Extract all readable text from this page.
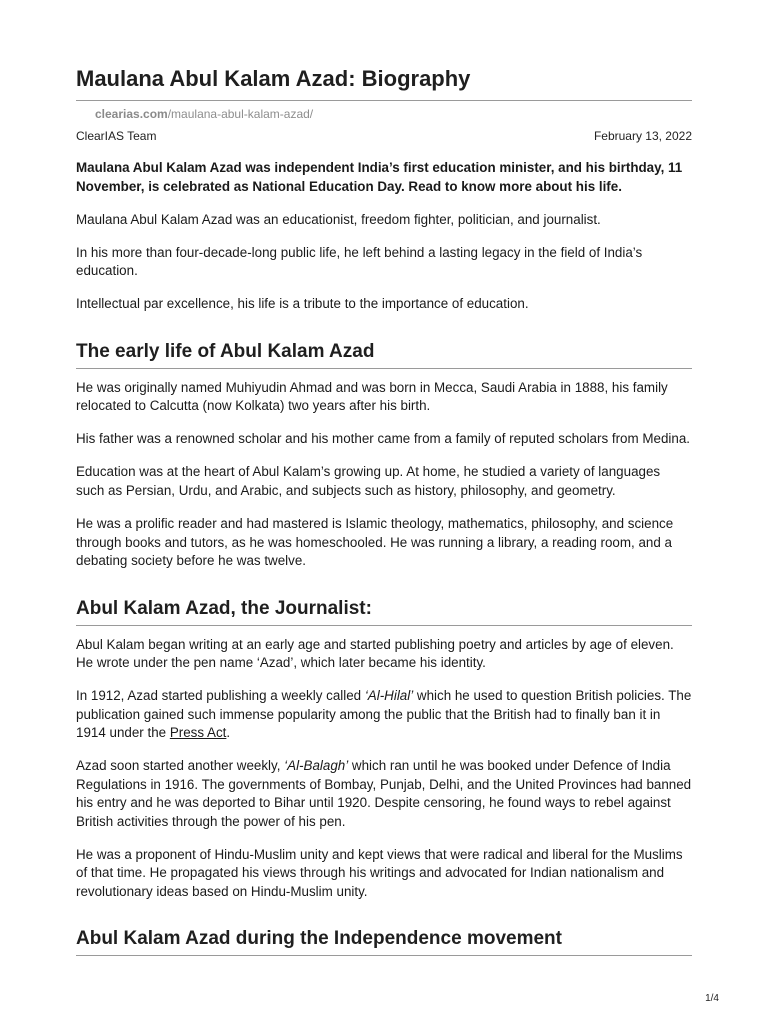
Maulana Abul Kalam Azad: Biography
clearias.com/maulana-abul-kalam-azad/
ClearIAS Team	February 13, 2022

Maulana Abul Kalam Azad was independent India’s first education minister, and his birthday, 11 November, is celebrated as National Education Day. Read to know more about his life.

Maulana Abul Kalam Azad was an educationist, freedom fighter, politician, and journalist.

In his more than four-decade-long public life, he left behind a lasting legacy in the field of India’s education.

Intellectual par excellence, his life is a tribute to the importance of education.

The early life of Abul Kalam Azad

He was originally named Muhiyudin Ahmad and was born in Mecca, Saudi Arabia in 1888, his family relocated to Calcutta (now Kolkata) two years after his birth.

His father was a renowned scholar and his mother came from a family of reputed scholars from Medina.

Education was at the heart of Abul Kalam’s growing up. At home, he studied a variety of languages such as Persian, Urdu, and Arabic, and subjects such as history, philosophy, and geometry.

He was a prolific reader and had mastered is Islamic theology, mathematics, philosophy, and science through books and tutors, as he was homeschooled. He was running a library, a reading room, and a debating society before he was twelve.

Abul Kalam Azad, the Journalist:

Abul Kalam began writing at an early age and started publishing poetry and articles by age of eleven. He wrote under the pen name ‘Azad’, which later became his identity.

In 1912, Azad started publishing a weekly called ‘Al-Hilal’ which he used to question British policies. The publication gained such immense popularity among the public that the British had to finally ban it in 1914 under the Press Act.

Azad soon started another weekly, ‘Al-Balagh’ which ran until he was booked under Defence of India Regulations in 1916. The governments of Bombay, Punjab, Delhi, and the United Provinces had banned his entry and he was deported to Bihar until 1920. Despite censoring, he found ways to rebel against British activities through the power of his pen.

He was a proponent of Hindu-Muslim unity and kept views that were radical and liberal for the Muslims of that time. He propagated his views through his writings and advocated for Indian nationalism and revolutionary ideas based on Hindu-Muslim unity.

Abul Kalam Azad during the Independence movement
1/4
